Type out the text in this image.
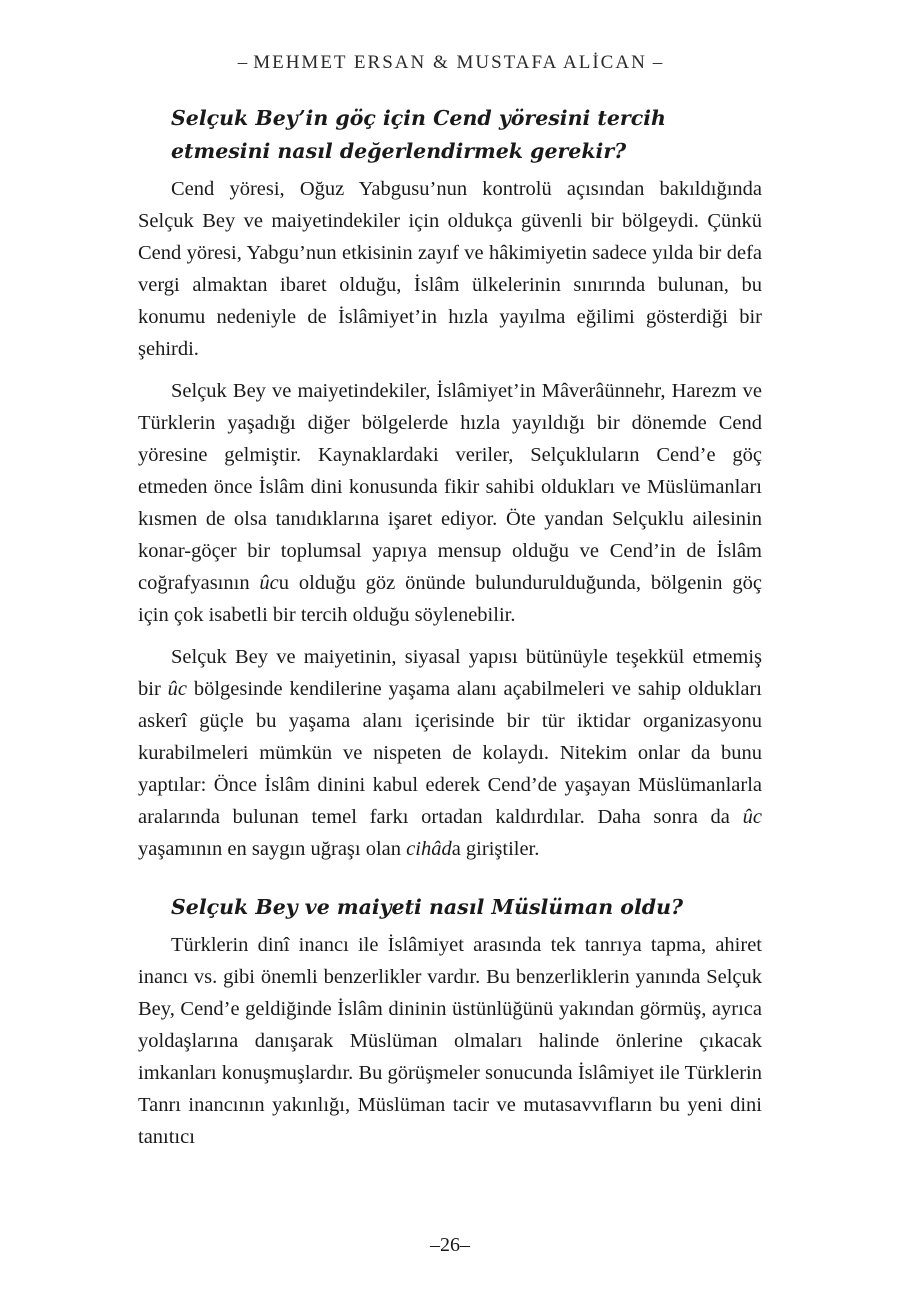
– MEHMET ERSAN & MUSTAFA ALİCAN –
Selçuk Bey’in göç için Cend yöresini tercih etmesini nasıl değerlendirmek gerekir?

Cend yöresi, Oğuz Yabgusu’nun kontrolü açısından bakıldığında Selçuk Bey ve maiyetindekiler için oldukça güvenli bir bölgeydi. Çünkü Cend yöresi, Yabgu’nun etkisinin zayıf ve hâkimiyetin sadece yılda bir defa vergi almaktan ibaret olduğu, İslâm ülkelerinin sınırında bulunan, bu konumu nedeniyle de İslâmiyet’in hızla yayılma eğilimi gösterdiği bir şehirdi.

Selçuk Bey ve maiyetindekiler, İslâmiyet’in Mâverâünnehr, Harezm ve Türklerin yaşadığı diğer bölgelerde hızla yayıldığı bir dönemde Cend yöresine gelmiştir. Kaynaklardaki veriler, Selçukluların Cend’e göç etmeden önce İslâm dini konusunda fikir sahibi oldukları ve Müslümanları kısmen de olsa tanıdıklarına işaret ediyor. Öte yandan Selçuklu ailesinin konar-göçer bir toplumsal yapıya mensup olduğu ve Cend’in de İslâm coğrafyasının ûcu olduğu göz önünde bulundurulduğunda, bölgenin göç için çok isabetli bir tercih olduğu söylenebilir.

Selçuk Bey ve maiyetinin, siyasal yapısı bütünüyle teşekkül etmemiş bir ûc bölgesinde kendilerine yaşama alanı açabilmeleri ve sahip oldukları askerî güçle bu yaşama alanı içerisinde bir tür iktidar organizasyonu kurabilmeleri mümkün ve nispeten de kolaydı. Nitekim onlar da bunu yaptılar: Önce İslâm dinini kabul ederek Cend’de yaşayan Müslümanlarla aralarında bulunan temel farkı ortadan kaldırdılar. Daha sonra da ûc yaşamının en saygın uğraşı olan cihâda giriştiler.

Selçuk Bey ve maiyeti nasıl Müslüman oldu?

Türklerin dinî inancı ile İslâmiyet arasında tek tanrıya tapma, ahiret inancı vs. gibi önemli benzerlikler vardır. Bu benzerliklerin yanında Selçuk Bey, Cend’e geldiğinde İslâm dininin üstünlüğünü yakından görmüş, ayrıca yoldaşlarına danışarak Müslüman olmaları halinde önlerine çıkacak imkanları konuşmuşlardır. Bu görüşmeler sonucunda İslâmiyet ile Türklerin Tanrı inancının yakınlığı, Müslüman tacir ve mutasavvıfların bu yeni dini tanıtıcı

–26–
